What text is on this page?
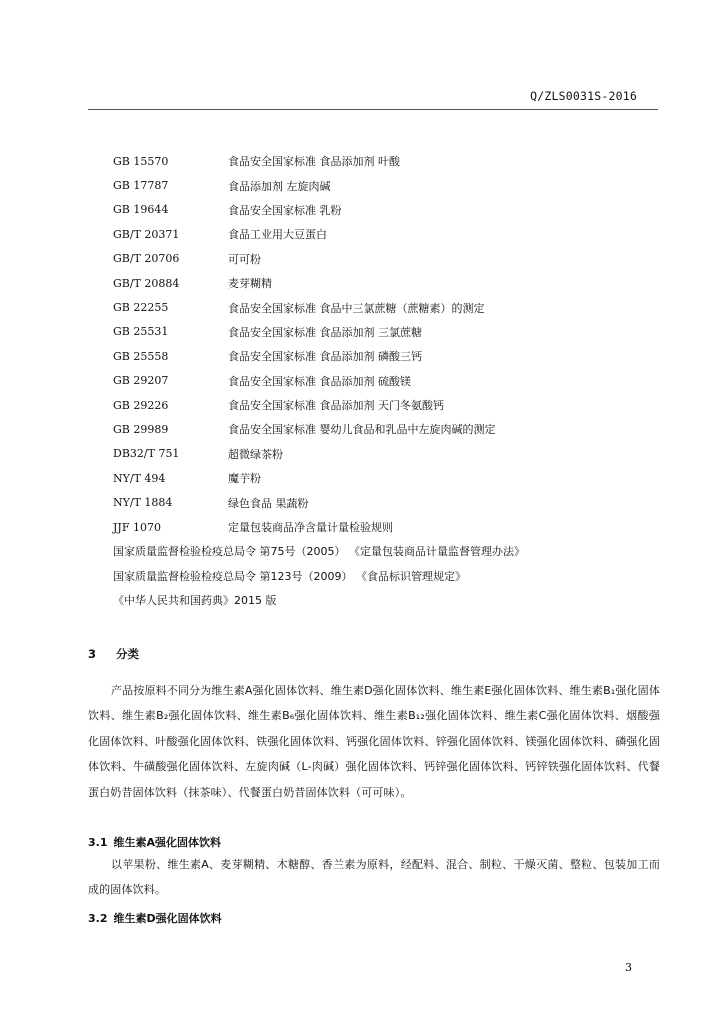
Q/ZLS0031S-2016
GB 15570	食品安全国家标准 食品添加剂 叶酸
GB 17787	食品添加剂 左旋肉碱
GB 19644	食品安全国家标准 乳粉
GB/T 20371	食品工业用大豆蛋白
GB/T 20706	可可粉
GB/T 20884	麦芽糊精
GB 22255	食品安全国家标准 食品中三氯蔗糖（蔗糖素）的测定
GB 25531	食品安全国家标准 食品添加剂 三氯蔗糖
GB 25558	食品安全国家标准 食品添加剂 磷酸三钙
GB 29207	食品安全国家标准 食品添加剂 硫酸镁
GB 29226	食品安全国家标准 食品添加剂 天门冬氨酸钙
GB 29989	食品安全国家标准 婴幼儿食品和乳品中左旋肉碱的测定
DB32/T 751	超微绿茶粉
NY/T 494	魔芋粉
NY/T 1884	绿色食品 果蔬粉
JJF 1070	定量包装商品净含量计量检验规则
国家质量监督检验检疫总局令 第75号（2005） 《定量包装商品计量监督管理办法》
国家质量监督检验检疫总局令 第123号（2009） 《食品标识管理规定》
《中华人民共和国药典》2015 版
3 分类

产品按原料不同分为维生素A强化固体饮料、维生素D强化固体饮料、维生素E强化固体饮料、维生素B₁强化固体饮料、维生素B₂强化固体饮料、维生素B₆强化固体饮料、维生素B₁₂强化固体饮料、维生素C强化固体饮料、烟酸强化固体饮料、叶酸强化固体饮料、铁强化固体饮料、钙强化固体饮料、锌强化固体饮料、镁强化固体饮料、磷强化固体饮料、牛磺酸强化固体饮料、左旋肉碱（L-肉碱）强化固体饮料、钙锌强化固体饮料、钙锌铁强化固体饮料、代餐蛋白奶昔固体饮料（抹茶味）、代餐蛋白奶昔固体饮料（可可味）。

3.1 维生素A强化固体饮料

以苹果粉、维生素A、麦芽糊精、木糖醇、香兰素为原料，经配料、混合、制粒、干燥灭菌、整粒、包装加工而成的固体饮料。

3.2 维生素D强化固体饮料
3
